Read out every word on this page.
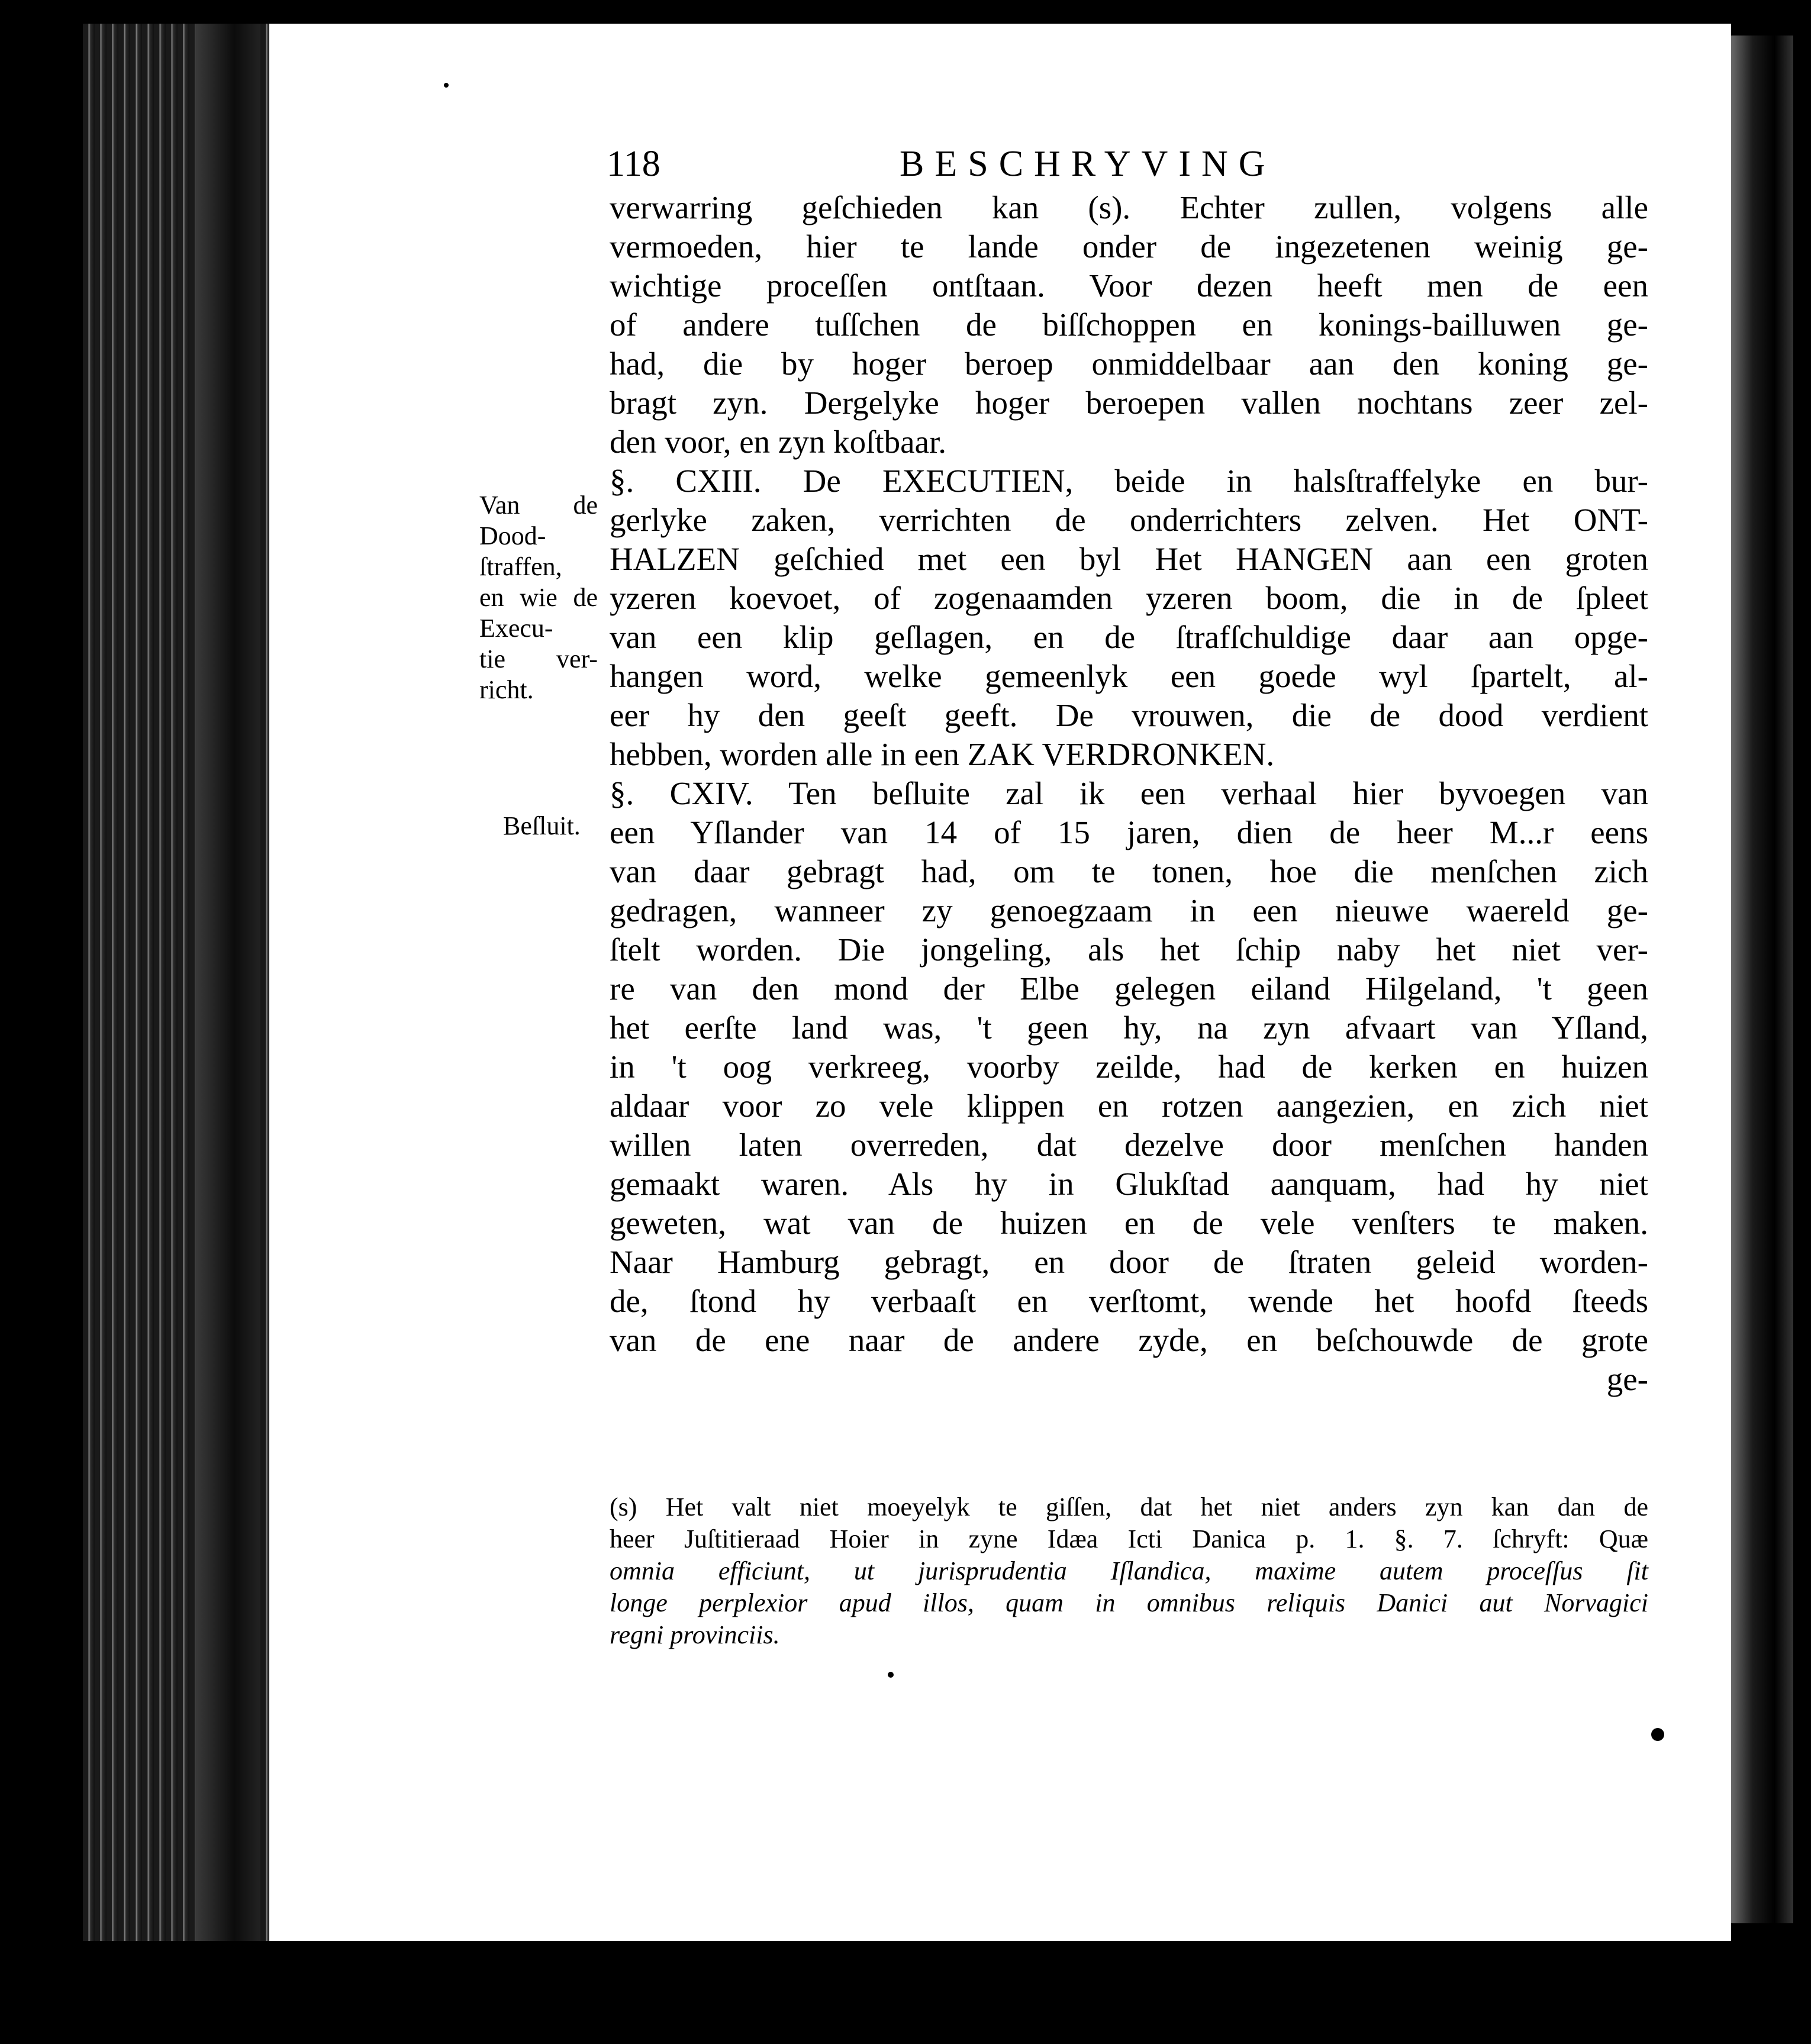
118	BESCHRYVING
verwarring geſchieden kan (s). Echter zullen, volgens alle
vermoeden, hier te lande onder de ingezetenen weinig ge-
wichtige proceſſen ontſtaan. Voor dezen heeft men de een
of andere tuſſchen de biſſchoppen en konings-bailluwen ge-
had, die by hoger beroep onmiddelbaar aan den koning ge-
bragt zyn. Dergelyke hoger beroepen vallen nochtans zeer zel-
den voor, en zyn koſtbaar.
§. CXIII. De EXECUTIEN, beide in halsſtraffelyke en bur-
gerlyke zaken, verrichten de onderrichters zelven. Het ONT-
HALZEN geſchied met een byl Het HANGEN aan een groten
yzeren koevoet, of zogenaamden yzeren boom, die in de ſpleet
van een klip geſlagen, en de ſtrafſchuldige daar aan opge-
hangen word, welke gemeenlyk een goede wyl ſpartelt, al-
eer hy den geeſt geeft. De vrouwen, die de dood verdient
hebben, worden alle in een ZAK VERDRONKEN.
§. CXIV. Ten beſluite zal ik een verhaal hier byvoegen van
een Yſlander van 14 of 15 jaren, dien de heer M...r eens
van daar gebragt had, om te tonen, hoe die menſchen zich
gedragen, wanneer zy genoegzaam in een nieuwe waereld ge-
ſtelt worden. Die jongeling, als het ſchip naby het niet ver-
re van den mond der Elbe gelegen eiland Hilgeland, 't geen
het eerſte land was, 't geen hy, na zyn afvaart van Yſland,
in 't oog verkreeg, voorby zeilde, had de kerken en huizen
aldaar voor zo vele klippen en rotzen aangezien, en zich niet
willen laten overreden, dat dezelve door menſchen handen
gemaakt waren. Als hy in Glukſtad aanquam, had hy niet
geweten, wat van de huizen en de vele venſters te maken.
Naar Hamburg gebragt, en door de ſtraten geleid worden-
de, ſtond hy verbaaſt en verſtomt, wende het hoofd ſteeds
van de ene naar de andere zyde, en beſchouwde de grote
ge-
Van de
Dood-
ſtraffen,
en wie de
Execu-
tie ver-
richt.
Beſluit.
(s) Het valt niet moeyelyk te giſſen, dat het niet anders zyn kan dan de
heer Juſtitieraad Hoier in zyne Idæa Icti Danica p. 1. §. 7. ſchryft: Quæ
omnia efficiunt, ut jurisprudentia Iſlandica, maxime autem proceſſus ſit
longe perplexior apud illos, quam in omnibus reliquis Danici aut Norvagici
regni provinciis.
